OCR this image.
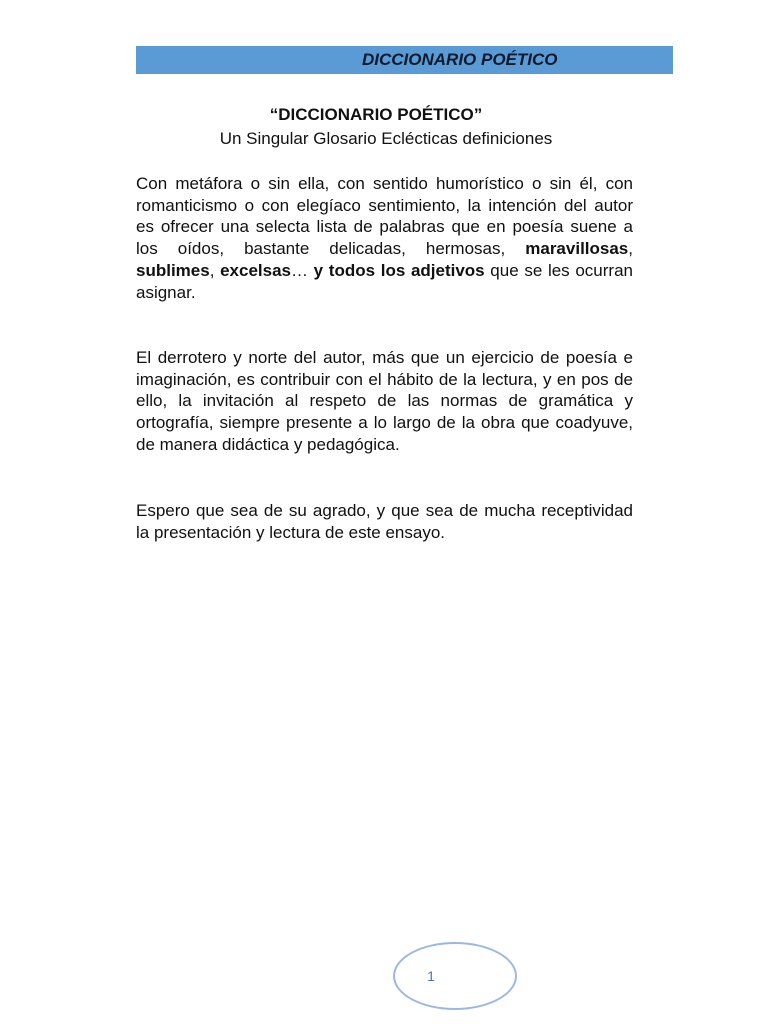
DICCIONARIO POÉTICO
“DICCIONARIO POÉTICO”
Un Singular Glosario Eclécticas definiciones

Con metáfora o sin ella, con sentido humorístico o sin él, con romanticismo o con elegíaco sentimiento, la intención del autor es ofrecer una selecta lista de palabras que en poesía suene a los oídos, bastante delicadas, hermosas, maravillosas, sublimes, excelsas… y todos los adjetivos que se les ocurran asignar.

El derrotero y norte del autor, más que un ejercicio de poesía e imaginación, es contribuir con el hábito de la lectura, y en pos de ello, la invitación al respeto de las normas de gramática y ortografía, siempre presente a lo largo de la obra que coadyuve, de manera didáctica y pedagógica.

Espero que sea de su agrado, y que sea de mucha receptividad la presentación y lectura de este ensayo.

1
